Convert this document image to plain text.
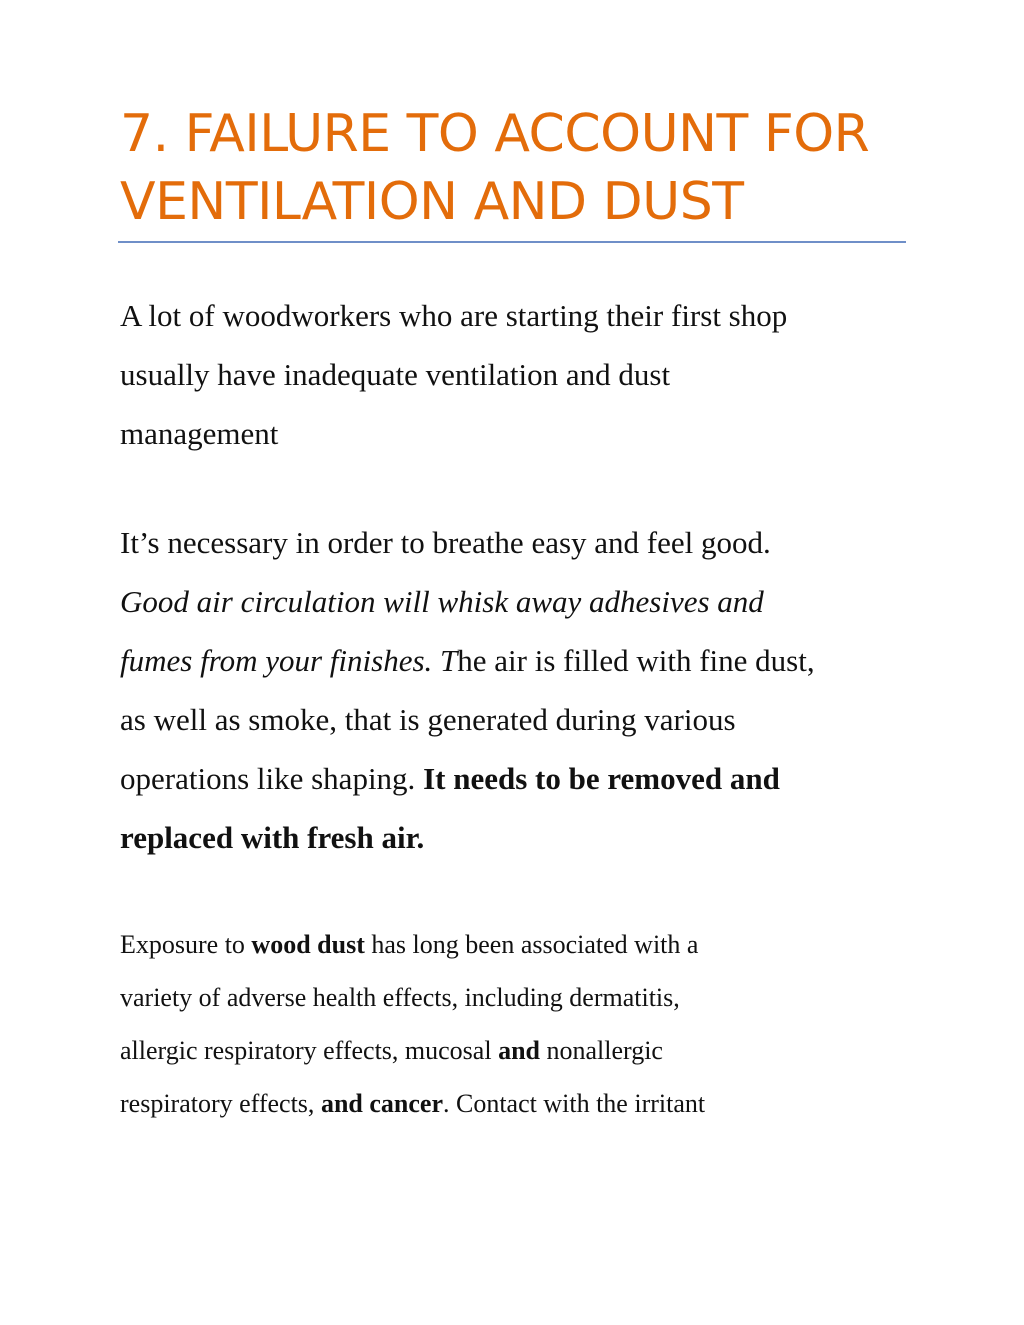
7. FAILURE TO ACCOUNT FOR
VENTILATION AND DUST

A lot of woodworkers who are starting their first shop
usually have inadequate ventilation and dust
management

It’s necessary in order to breathe easy and feel good.
Good air circulation will whisk away adhesives and
fumes from your finishes. The air is filled with fine dust,
as well as smoke, that is generated during various
operations like shaping. It needs to be removed and
replaced with fresh air.

Exposure to wood dust has long been associated with a
variety of adverse health effects, including dermatitis,
allergic respiratory effects, mucosal and nonallergic
respiratory effects, and cancer. Contact with the irritant
